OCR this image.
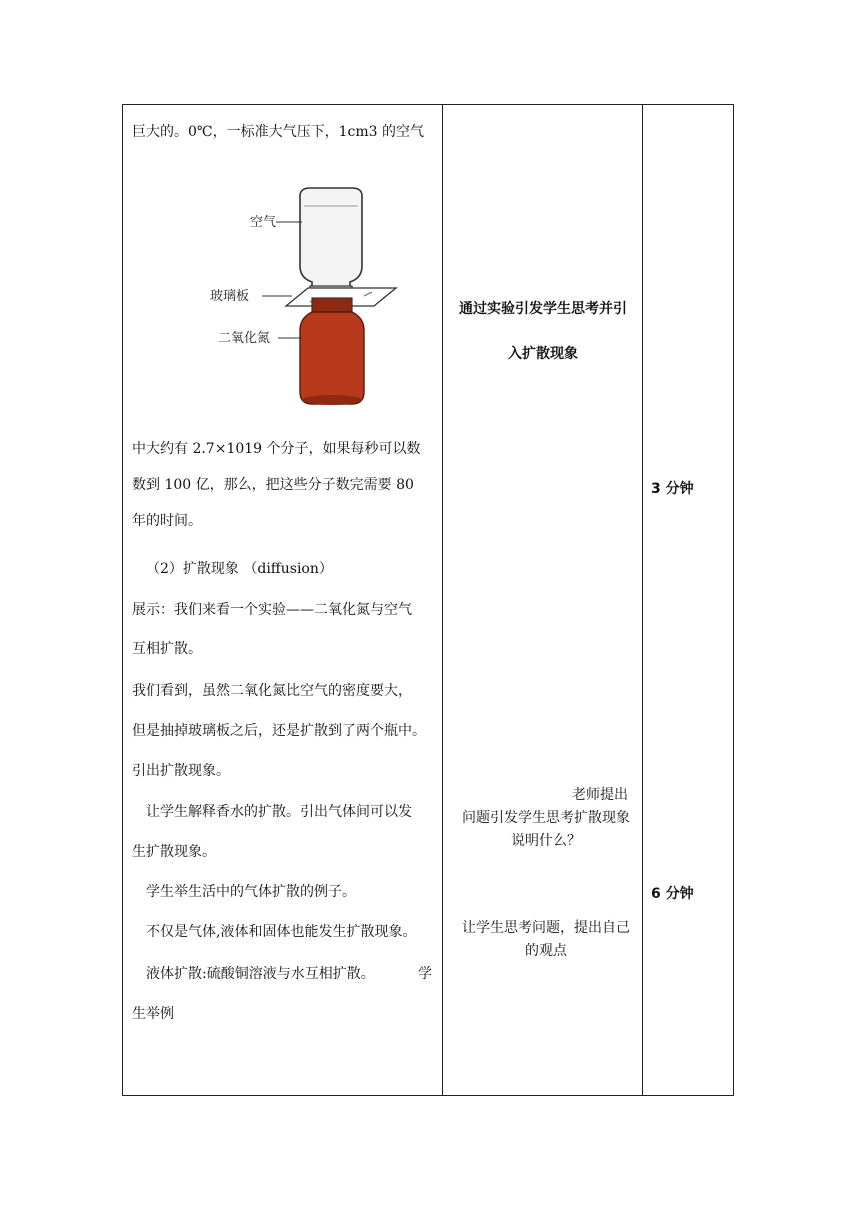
巨大的。0℃，一标准大气压下，1cm3 的空气
空气
玻璃板
二氧化氮
中大约有 2.7×1019 个分子，如果每秒可以数
数到 100 亿，那么，把这些分子数完需要 80
年的时间。
（2）扩散现象 （diffusion）
展示：我们来看一个实验——二氧化氮与空气
互相扩散。
我们看到，虽然二氧化氮比空气的密度要大，
但是抽掉玻璃板之后，还是扩散到了两个瓶中。
引出扩散现象。
让学生解释香水的扩散。引出气体间可以发
生扩散现象。
学生举生活中的气体扩散的例子。
不仅是气体,液体和固体也能发生扩散现象。
液体扩散:硫酸铜溶液与水互相扩散。	学
生举例
通过实验引发学生思考并引
入扩散现象
老师提出
问题引发学生思考扩散现象
说明什么？
让学生思考问题，提出自己
的观点
3 分钟
6 分钟
